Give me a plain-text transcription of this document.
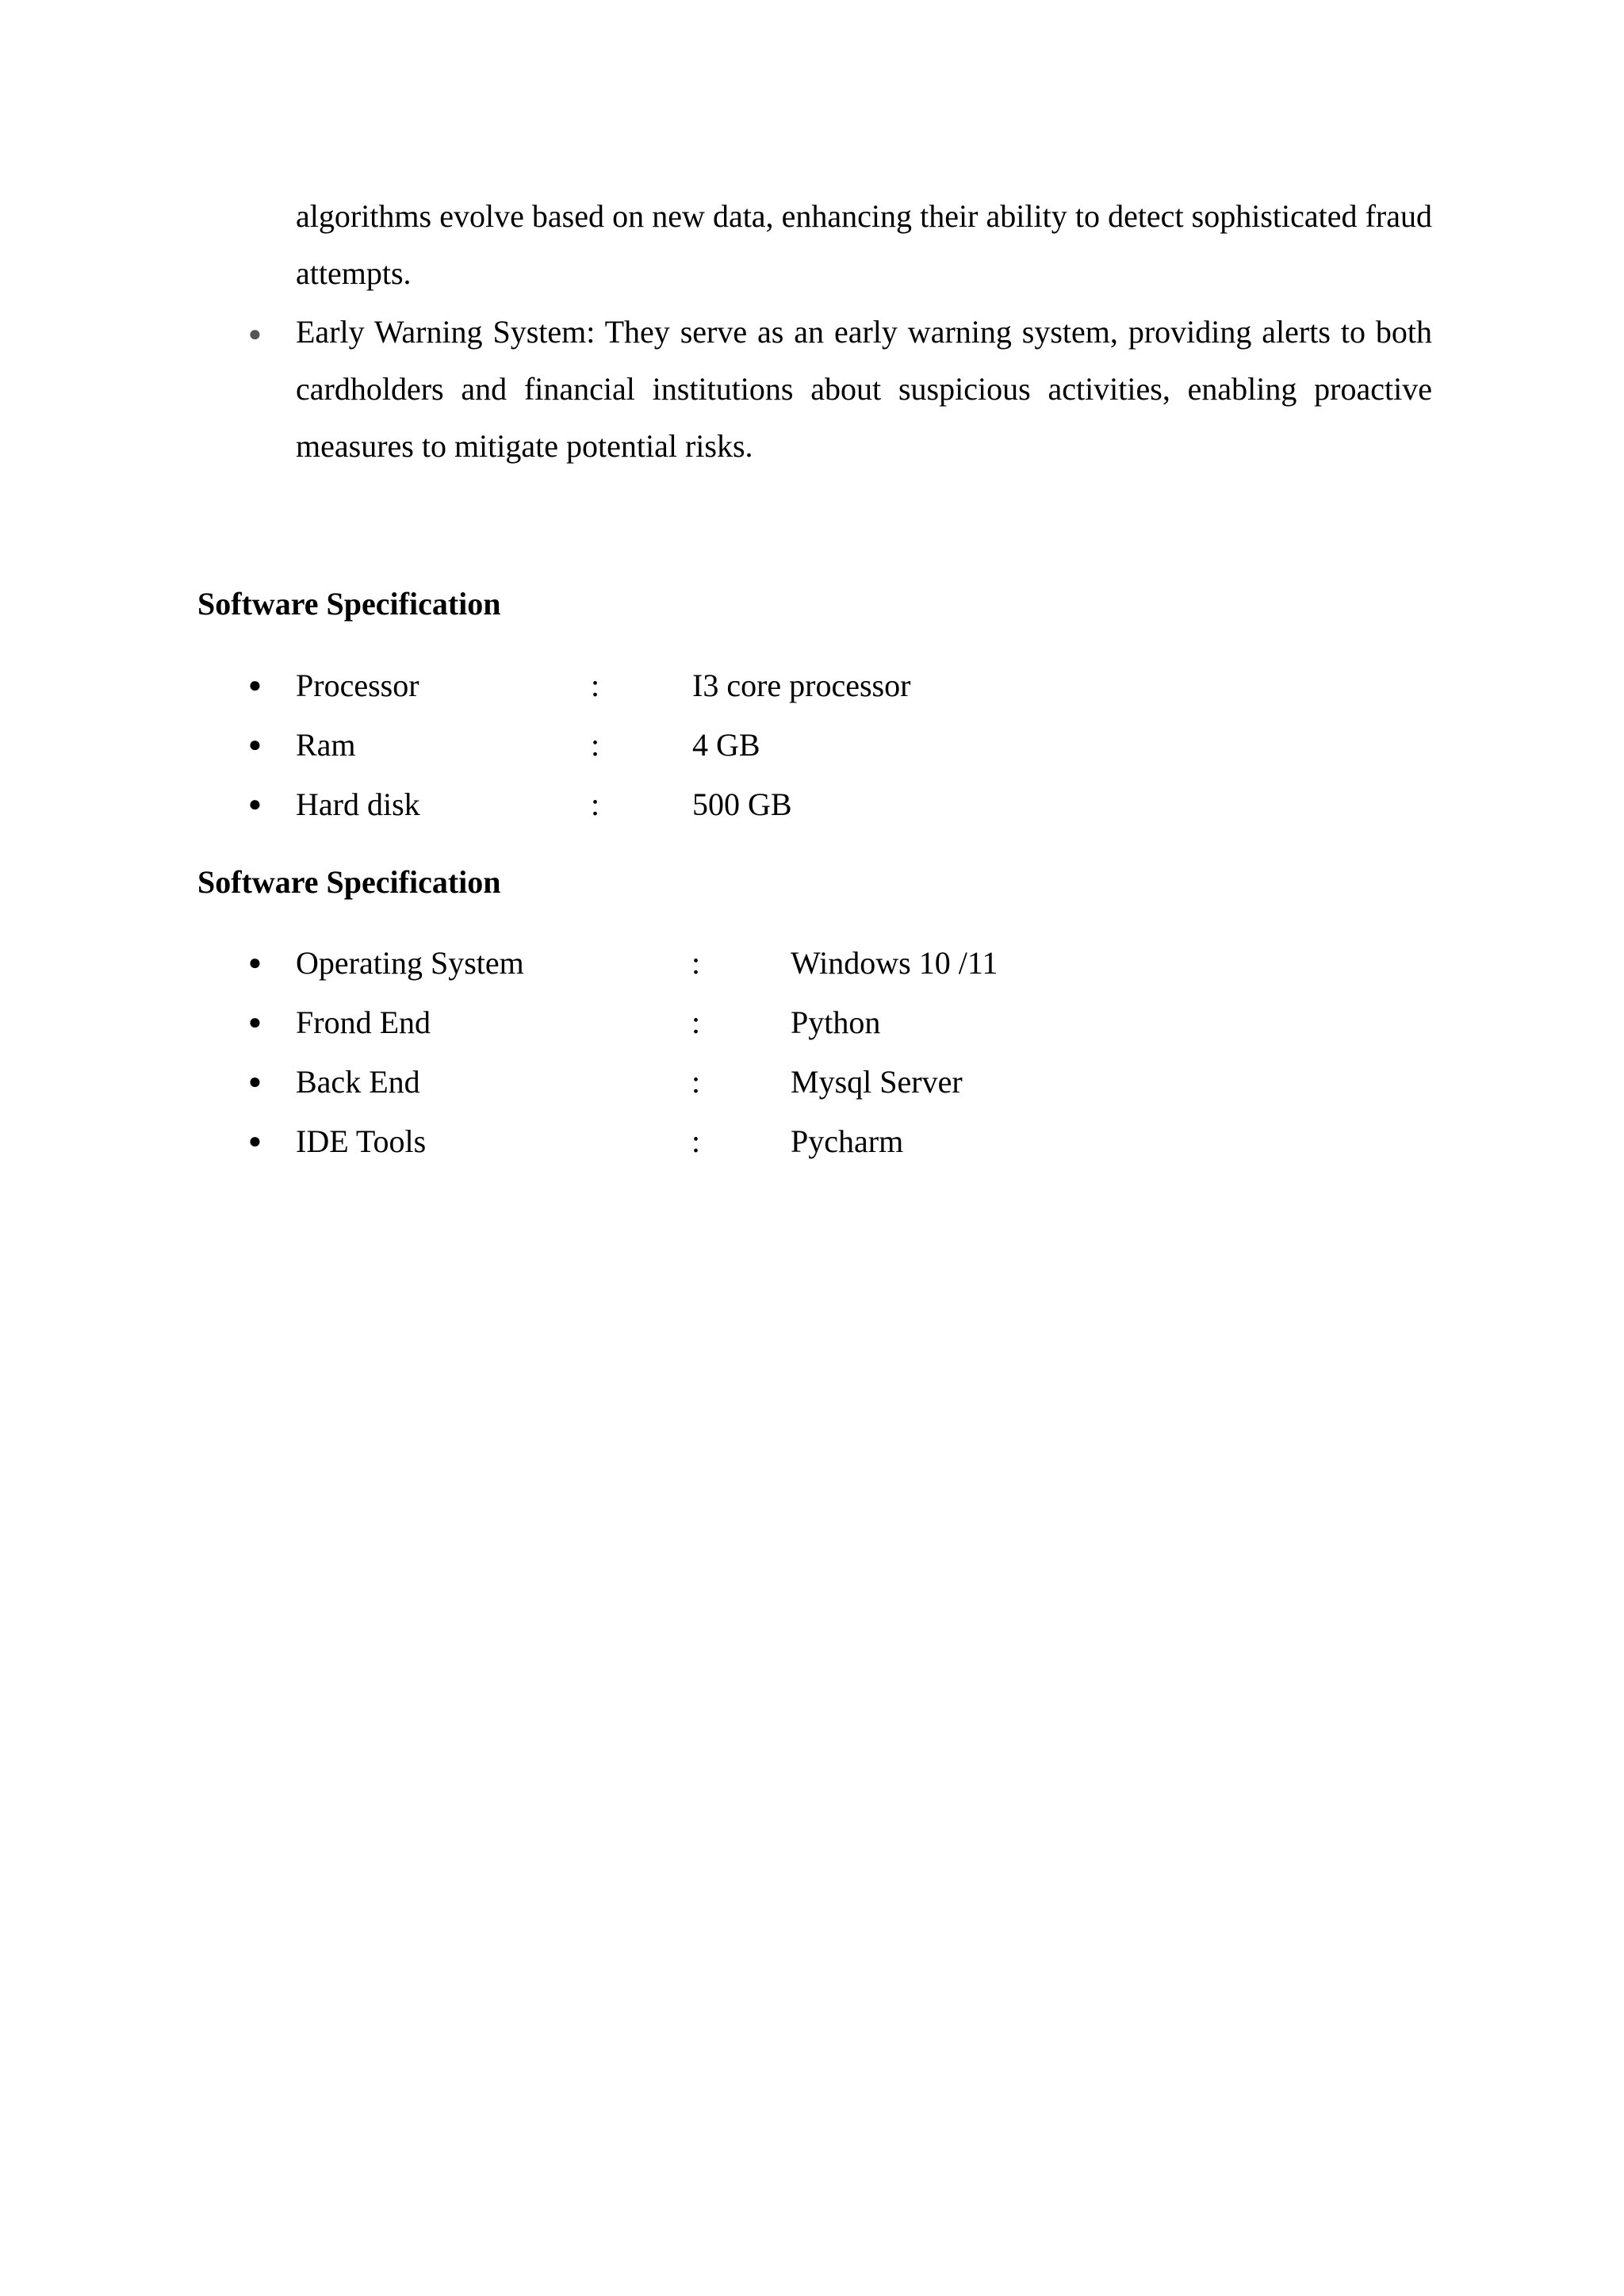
algorithms evolve based on new data, enhancing their ability to detect sophisticated fraud attempts.
● Early Warning System: They serve as an early warning system, providing alerts to both cardholders and financial institutions about suspicious activities, enabling proactive measures to mitigate potential risks.
Software Specification
● Processor	:	I3 core processor
● Ram	:	4 GB
● Hard disk	:	500 GB
Software Specification
● Operating System	:	Windows 10 /11
● Frond End	:	Python
● Back End	:	Mysql Server
● IDE Tools	:	Pycharm
